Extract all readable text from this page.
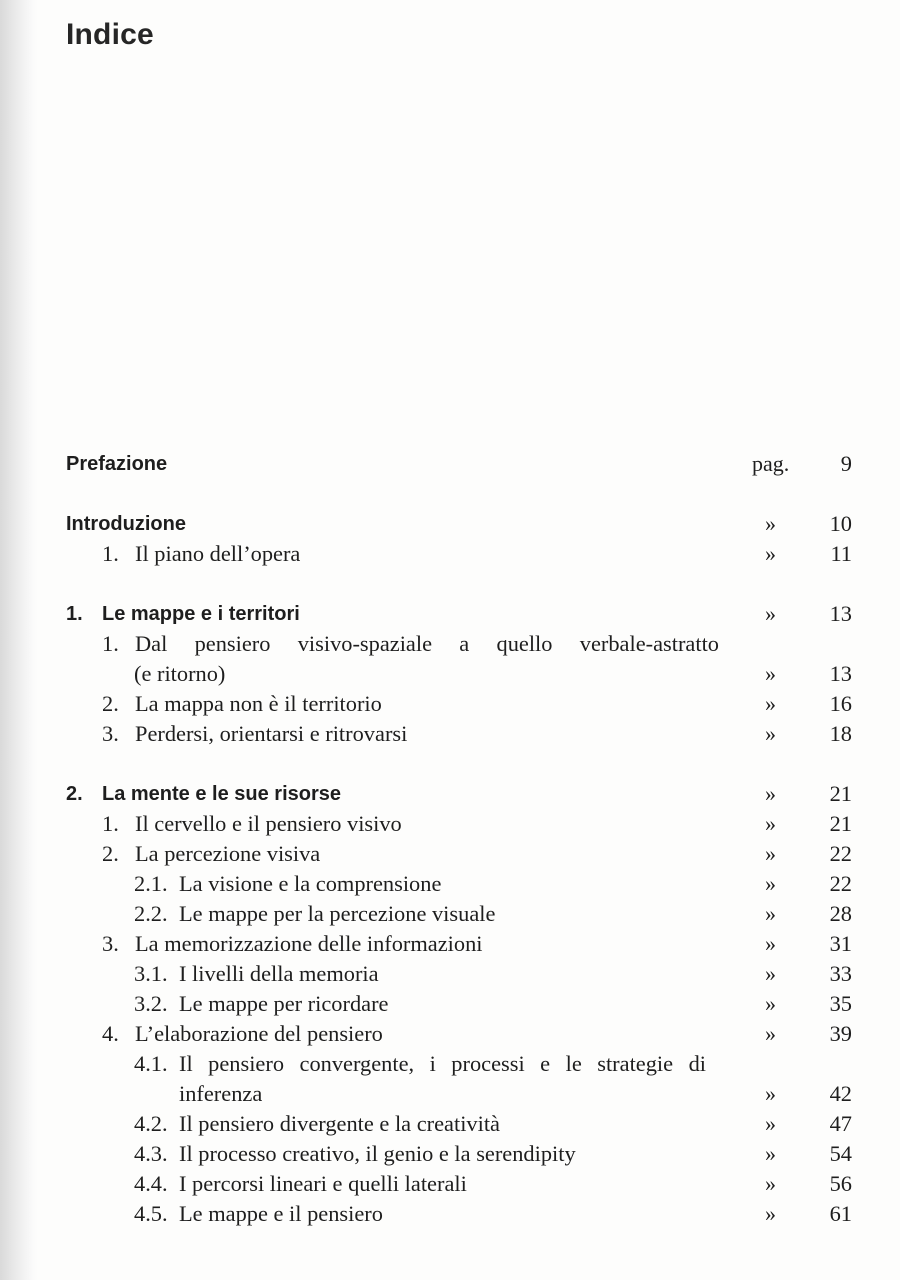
Indice
Prefazione	pag. 9
Introduzione	» 10
1. Il piano dell’opera	» 11
1. Le mappe e i territori	» 13
1. Dal pensiero visivo-spaziale a quello verbale-astratto
(e ritorno)	» 13
2. La mappa non è il territorio	» 16
3. Perdersi, orientarsi e ritrovarsi	» 18
2. La mente e le sue risorse	» 21
1. Il cervello e il pensiero visivo	» 21
2. La percezione visiva	» 22
2.1. La visione e la comprensione	» 22
2.2. Le mappe per la percezione visuale	» 28
3. La memorizzazione delle informazioni	» 31
3.1. I livelli della memoria	» 33
3.2. Le mappe per ricordare	» 35
4. L’elaborazione del pensiero	» 39
4.1. Il pensiero convergente, i processi e le strategie di
inferenza	» 42
4.2. Il pensiero divergente e la creatività	» 47
4.3. Il processo creativo, il genio e la serendipity	» 54
4.4. I percorsi lineari e quelli laterali	» 56
4.5. Le mappe e il pensiero	» 61
